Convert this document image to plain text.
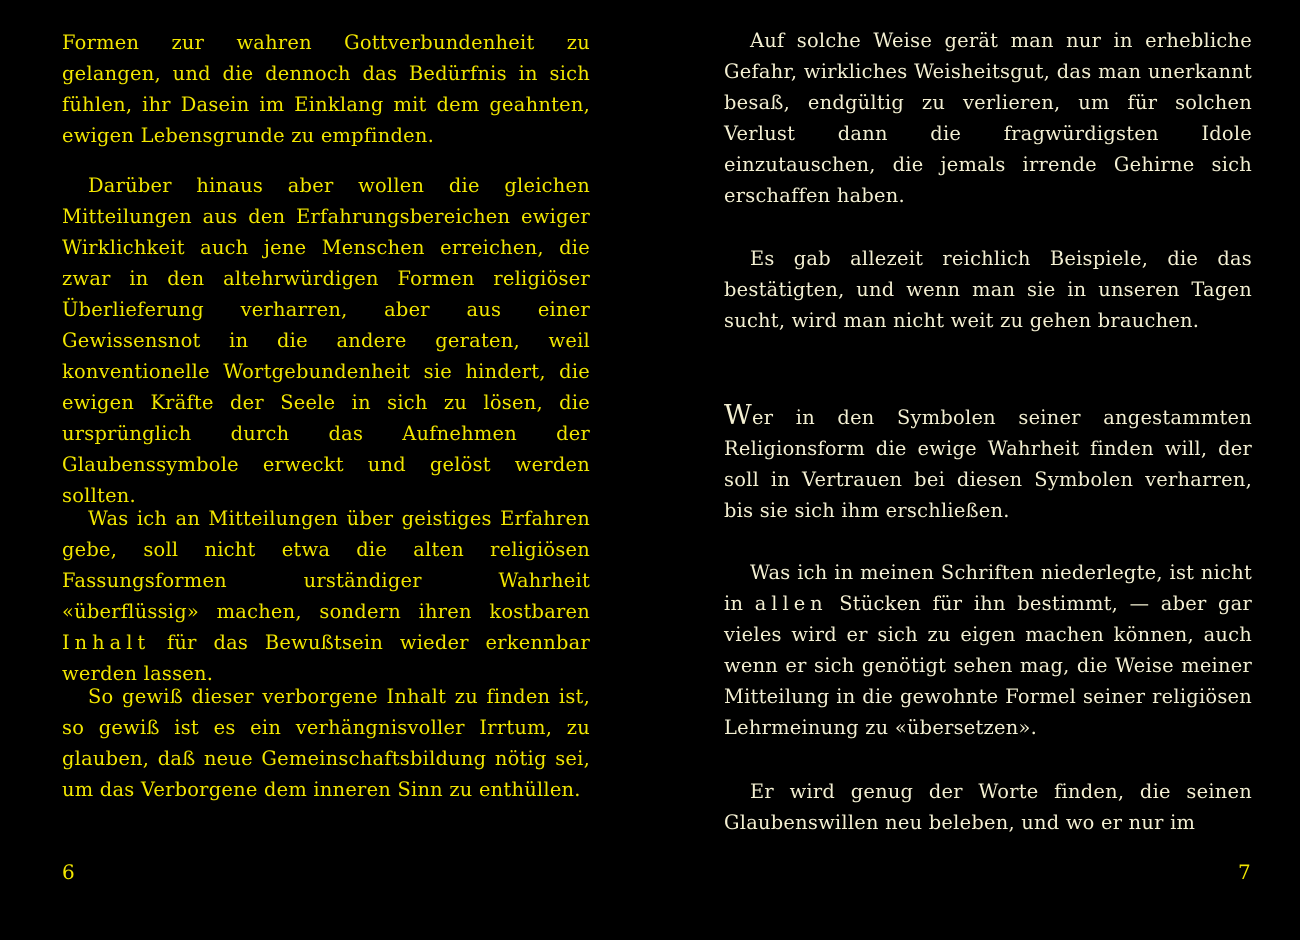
Formen zur wahren Gottverbundenheit zu gelangen, und die dennoch das Bedürfnis in sich fühlen, ihr Dasein im Einklang mit dem geahnten, ewigen Lebensgrunde zu empfinden.

Darüber hinaus aber wollen die gleichen Mitteilungen aus den Erfahrungsbereichen ewiger Wirklichkeit auch jene Menschen erreichen, die zwar in den altehrwürdigen Formen religiöser Überlieferung verharren, aber aus einer Gewissensnot in die andere geraten, weil konventionelle Wortgebundenheit sie hindert, die ewigen Kräfte der Seele in sich zu lösen, die ursprünglich durch das Aufnehmen der Glaubenssymbole erweckt und gelöst werden sollten.

Was ich an Mitteilungen über geistiges Erfahren gebe, soll nicht etwa die alten religiösen Fassungsformen urständiger Wahrheit «überflüssig» machen, sondern ihren kostbaren Inhalt für das Bewußtsein wieder erkennbar werden lassen.

So gewiß dieser verborgene Inhalt zu finden ist, so gewiß ist es ein verhängnisvoller Irrtum, zu glauben, daß neue Gemeinschaftsbildung nötig sei, um das Verborgene dem inneren Sinn zu enthüllen.

6

Auf solche Weise gerät man nur in erhebliche Gefahr, wirkliches Weisheitsgut, das man unerkannt besaß, endgültig zu verlieren, um für solchen Verlust dann die fragwürdigsten Idole einzutauschen, die jemals irrende Gehirne sich erschaffen haben.

Es gab allezeit reichlich Beispiele, die das bestätigten, und wenn man sie in unseren Tagen sucht, wird man nicht weit zu gehen brauchen.

Wer in den Symbolen seiner angestammten Religionsform die ewige Wahrheit finden will, der soll in Vertrauen bei diesen Symbolen verharren, bis sie sich ihm erschließen.

Was ich in meinen Schriften niederlegte, ist nicht in allen Stücken für ihn bestimmt, — aber gar vieles wird er sich zu eigen machen können, auch wenn er sich genötigt sehen mag, die Weise meiner Mitteilung in die gewohnte Formel seiner religiösen Lehrmeinung zu «übersetzen».

Er wird genug der Worte finden, die seinen Glaubenswillen neu beleben, und wo er nur im

7
